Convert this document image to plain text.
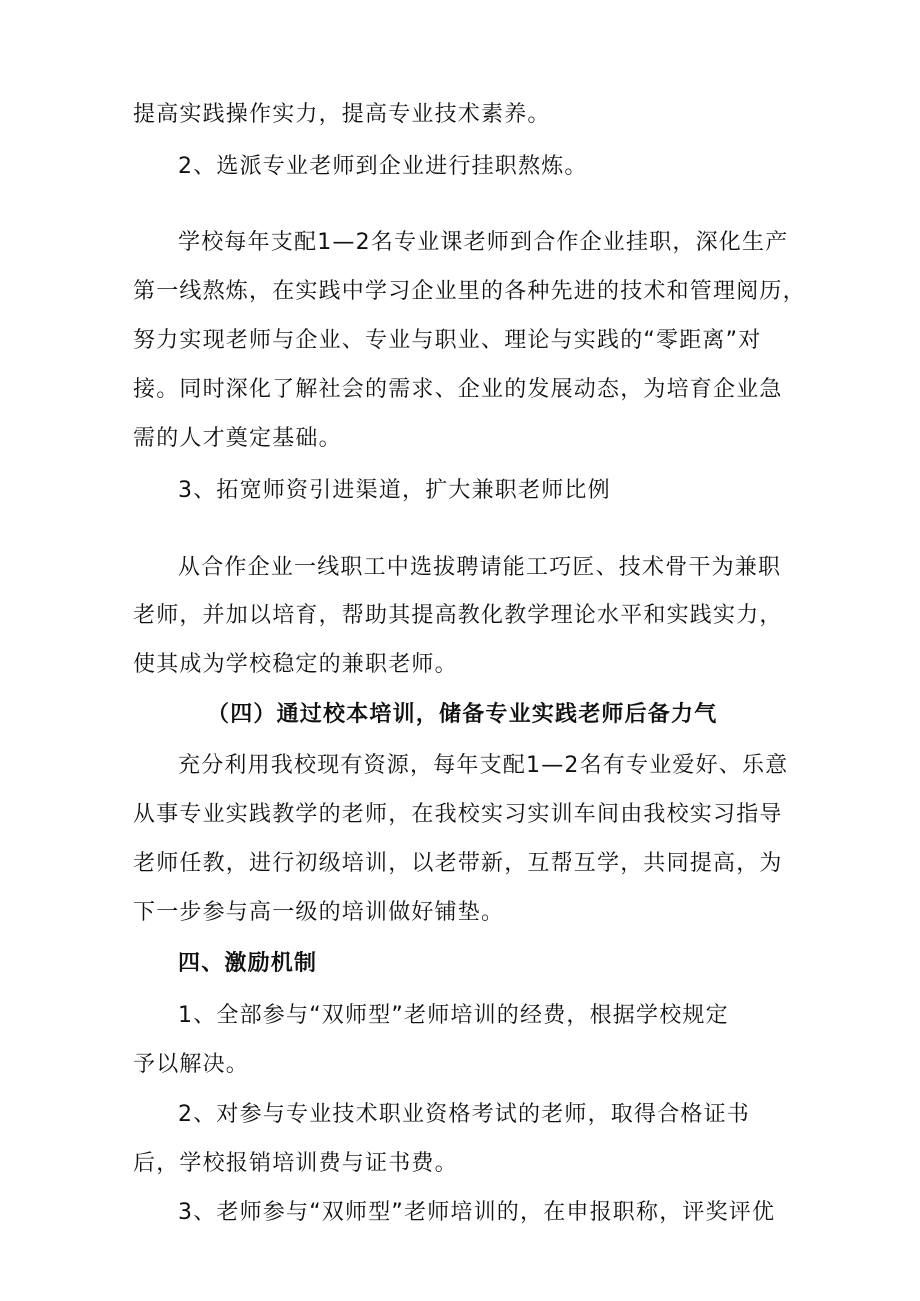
提高实践操作实力，提高专业技术素养。
2、选派专业老师到企业进行挂职熬炼。
学校每年支配1—2名专业课老师到合作企业挂职，深化生产
第一线熬炼，在实践中学习企业里的各种先进的技术和管理阅历，
努力实现老师与企业、专业与职业、理论与实践的“零距离”对
接。同时深化了解社会的需求、企业的发展动态，为培育企业急
需的人才奠定基础。
3、拓宽师资引进渠道，扩大兼职老师比例
从合作企业一线职工中选拔聘请能工巧匠、技术骨干为兼职
老师，并加以培育，帮助其提高教化教学理论水平和实践实力，
使其成为学校稳定的兼职老师。
（四）通过校本培训，储备专业实践老师后备力气
充分利用我校现有资源，每年支配1—2名有专业爱好、乐意
从事专业实践教学的老师，在我校实习实训车间由我校实习指导
老师任教，进行初级培训，以老带新，互帮互学，共同提高，为
下一步参与高一级的培训做好铺垫。
四、激励机制
1、全部参与“双师型”老师培训的经费，根据学校规定
予以解决。
2、对参与专业技术职业资格考试的老师，取得合格证书
后，学校报销培训费与证书费。
3、老师参与“双师型”老师培训的，在申报职称，评奖评优
